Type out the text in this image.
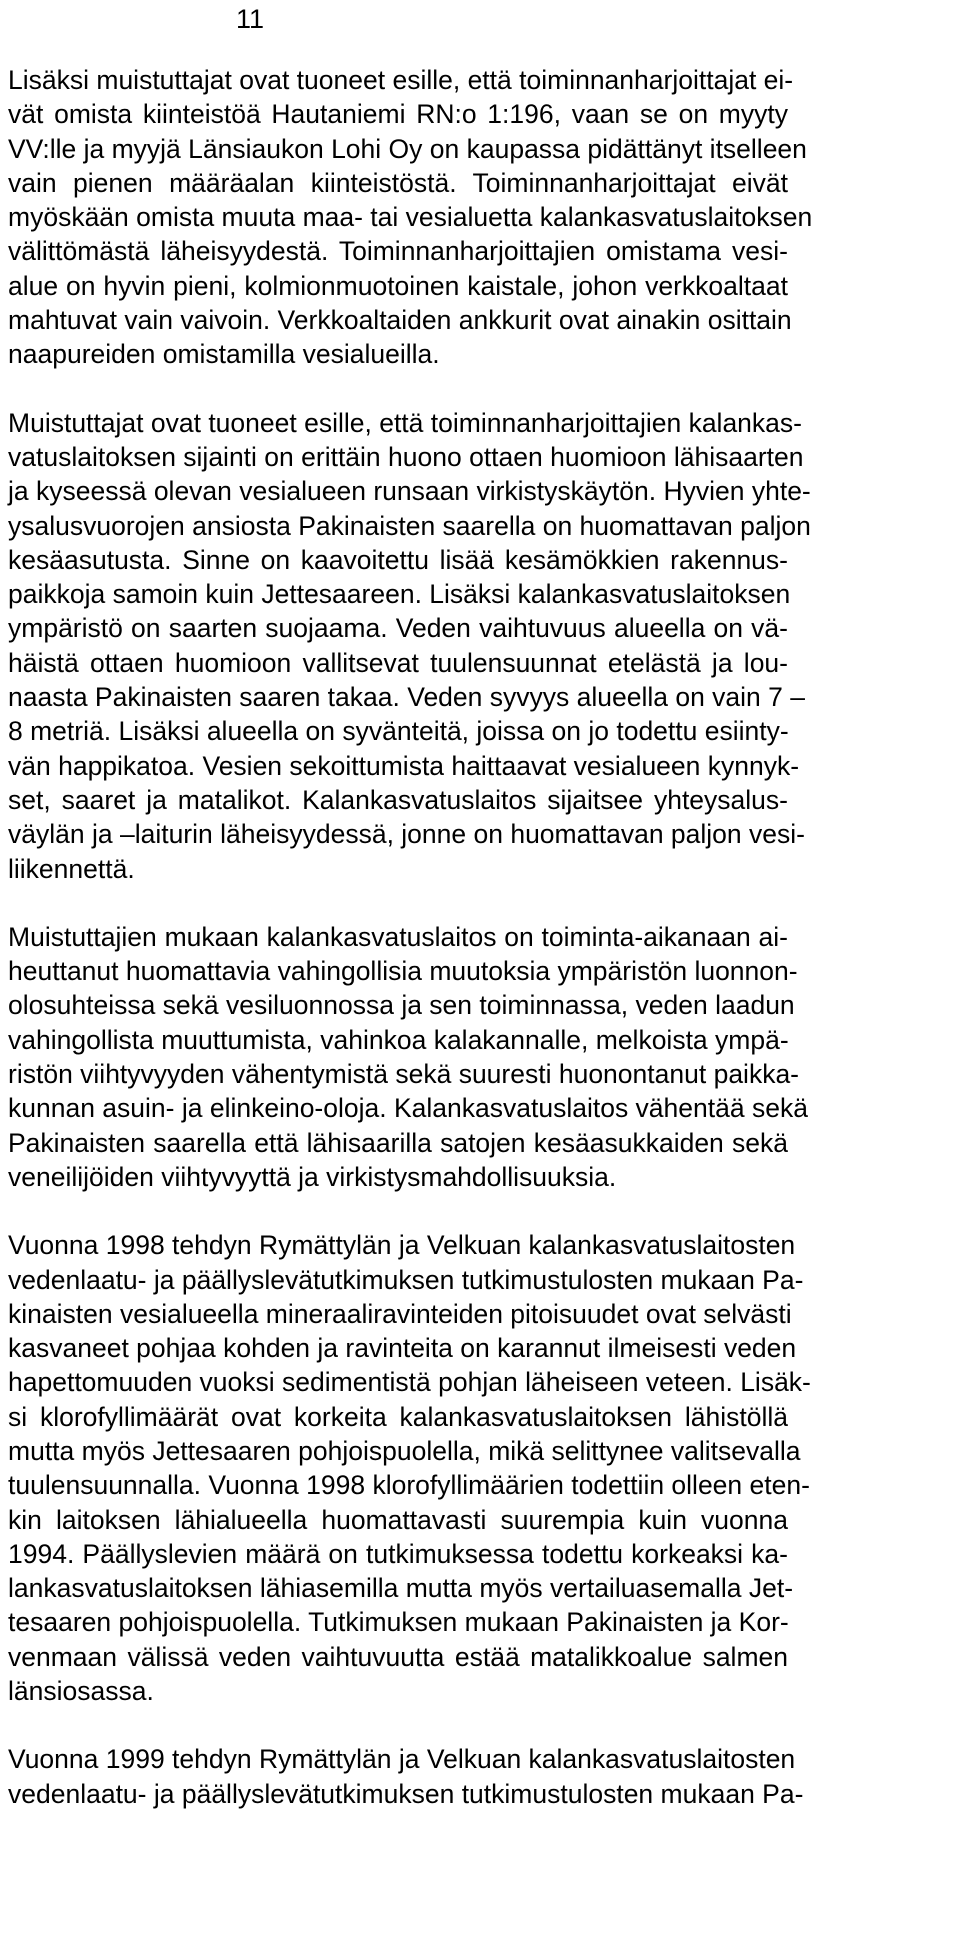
11

Lisäksi muistuttajat ovat tuoneet esille, että toiminnanharjoittajat ei-
vät omista kiinteistöä Hautaniemi RN:o 1:196, vaan se on myyty
VV:lle ja myyjä Länsiaukon Lohi Oy on kaupassa pidättänyt itselleen
vain pienen määräalan kiinteistöstä. Toiminnanharjoittajat eivät
myöskään omista muuta maa- tai vesialuetta kalankasvatuslaitoksen
välittömästä läheisyydestä. Toiminnanharjoittajien omistama vesi-
alue on hyvin pieni, kolmionmuotoinen kaistale, johon verkkoaltaat
mahtuvat vain vaivoin. Verkkoaltaiden ankkurit ovat ainakin osittain
naapureiden omistamilla vesialueilla.

Muistuttajat ovat tuoneet esille, että toiminnanharjoittajien kalankas-
vatuslaitoksen sijainti on erittäin huono ottaen huomioon lähisaarten
ja kyseessä olevan vesialueen runsaan virkistyskäytön. Hyvien yhte-
ysalusvuorojen ansiosta Pakinaisten saarella on huomattavan paljon
kesäasutusta. Sinne on kaavoitettu lisää kesämökkien rakennus-
paikkoja samoin kuin Jettesaareen. Lisäksi kalankasvatuslaitoksen
ympäristö on saarten suojaama. Veden vaihtuvuus alueella on vä-
häistä ottaen huomioon vallitsevat tuulensuunnat etelästä ja lou-
naasta Pakinaisten saaren takaa. Veden syvyys alueella on vain 7 –
8 metriä. Lisäksi alueella on syvänteitä, joissa on jo todettu esiinty-
vän happikatoa. Vesien sekoittumista haittaavat vesialueen kynnyk-
set, saaret ja matalikot. Kalankasvatuslaitos sijaitsee yhteysalus-
väylän ja –laiturin läheisyydessä, jonne on huomattavan paljon vesi-
liikennettä.

Muistuttajien mukaan kalankasvatuslaitos on toiminta-aikanaan ai-
heuttanut huomattavia vahingollisia muutoksia ympäristön luonnon-
olosuhteissa sekä vesiluonnossa ja sen toiminnassa, veden laadun
vahingollista muuttumista, vahinkoa kalakannalle, melkoista ympä-
ristön viihtyvyyden vähentymistä sekä suuresti huonontanut paikka-
kunnan asuin- ja elinkeino-oloja. Kalankasvatuslaitos vähentää sekä
Pakinaisten saarella että lähisaarilla satojen kesäasukkaiden sekä
veneilijöiden viihtyvyyttä ja virkistysmahdollisuuksia.

Vuonna 1998 tehdyn Rymättylän ja Velkuan kalankasvatuslaitosten
vedenlaatu- ja päällyslevätutkimuksen tutkimustulosten mukaan Pa-
kinaisten vesialueella mineraaliravinteiden pitoisuudet ovat selvästi
kasvaneet pohjaa kohden ja ravinteita on karannut ilmeisesti veden
hapettomuuden vuoksi sedimentistä pohjan läheiseen veteen. Lisäk-
si klorofyllimäärät ovat korkeita kalankasvatuslaitoksen lähistöllä
mutta myös Jettesaaren pohjoispuolella, mikä selittynee valitsevalla
tuulensuunnalla. Vuonna 1998 klorofyllimäärien todettiin olleen eten-
kin laitoksen lähialueella huomattavasti suurempia kuin vuonna
1994. Päällyslevien määrä on tutkimuksessa todettu korkeaksi ka-
lankasvatuslaitoksen lähiasemilla mutta myös vertailuasemalla Jet-
tesaaren pohjoispuolella. Tutkimuksen mukaan Pakinaisten ja Kor-
venmaan välissä veden vaihtuvuutta estää matalikkoalue salmen
länsiosassa.

Vuonna 1999 tehdyn Rymättylän ja Velkuan kalankasvatuslaitosten
vedenlaatu- ja päällyslevätutkimuksen tutkimustulosten mukaan Pa-
